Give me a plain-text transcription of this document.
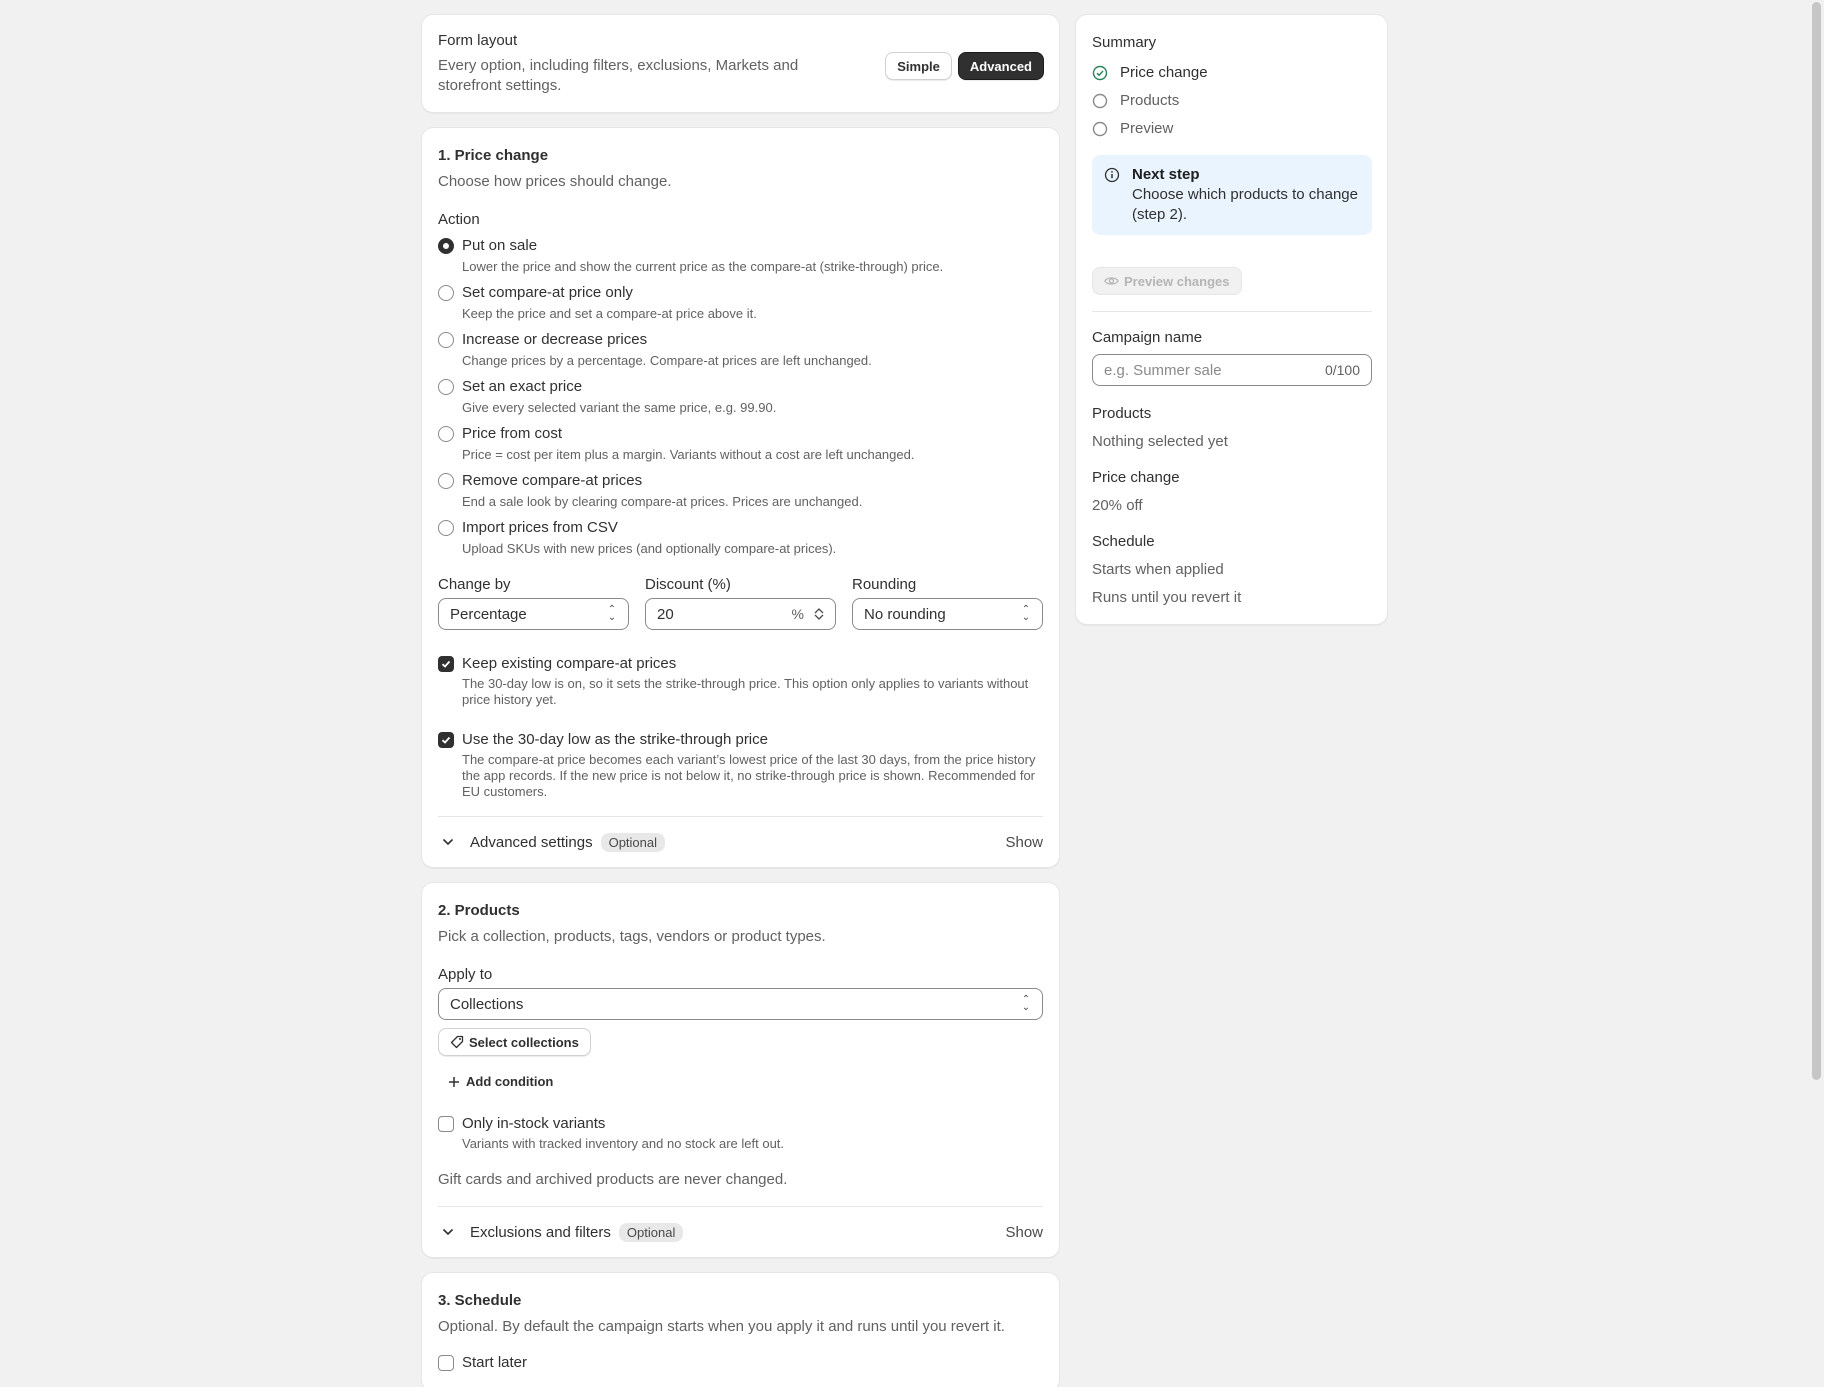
Form layout
Every option, including filters, exclusions, Markets and storefront settings.
Simple	Advanced
1. Price change
Choose how prices should change.
Action
Put on sale
Lower the price and show the current price as the compare-at (strike-through) price.
Set compare-at price only
Keep the price and set a compare-at price above it.
Increase or decrease prices
Change prices by a percentage. Compare-at prices are left unchanged.
Set an exact price
Give every selected variant the same price, e.g. 99.90.
Price from cost
Price = cost per item plus a margin. Variants without a cost are left unchanged.
Remove compare-at prices
End a sale look by clearing compare-at prices. Prices are unchanged.
Import prices from CSV
Upload SKUs with new prices (and optionally compare-at prices).
Change by
Percentage	⌃
⌄
Discount (%)
20	%
Rounding
No rounding	⌃
⌄
Keep existing compare-at prices
The 30-day low is on, so it sets the strike-through price. This option only applies to variants without price history yet.
Use the 30-day low as the strike-through price
The compare-at price becomes each variant’s lowest price of the last 30 days, from the price history the app records. If the new price is not below it, no strike-through price is shown. Recommended for EU customers.
Advanced settings	Optional	Show
2. Products
Pick a collection, products, tags, vendors or product types.
Apply to
Collections	⌃
⌄
Select collections
Add condition
Only in-stock variants
Variants with tracked inventory and no stock are left out.
Gift cards and archived products are never changed.
Exclusions and filters	Optional	Show
3. Schedule
Optional. By default the campaign starts when you apply it and runs until you revert it.
Start later
Summary
Price change
Products
Preview
Next step
Choose which products to change (step 2).
Preview changes
Campaign name
e.g. Summer sale	0/100
Products
Nothing selected yet
Price change
20% off
Schedule
Starts when applied
Runs until you revert it
